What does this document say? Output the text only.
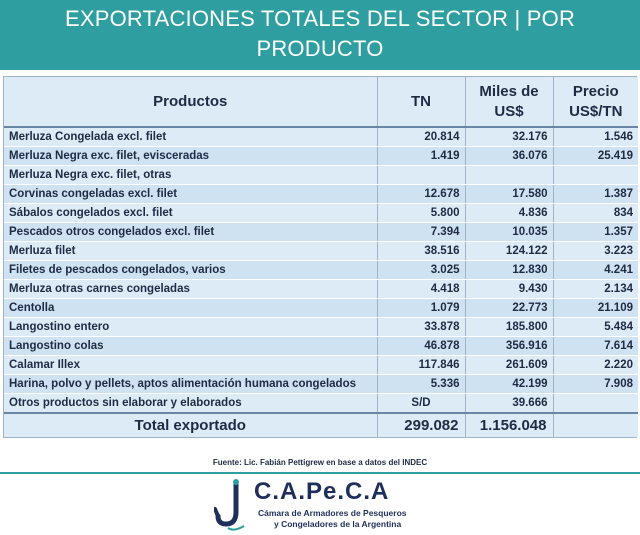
EXPORTACIONES TOTALES DEL SECTOR | POR PRODUCTO
Productos	TN	Miles de US$	Precio US$/TN
Merluza Congelada excl. filet	20.814	32.176	1.546
Merluza Negra exc. filet, evisceradas	1.419	36.076	25.419
Merluza Negra exc. filet, otras			
Corvinas congeladas excl. filet	12.678	17.580	1.387
Sábalos congelados excl. filet	5.800	4.836	834
Pescados otros congelados excl. filet	7.394	10.035	1.357
Merluza filet	38.516	124.122	3.223
Filetes de pescados congelados, varios	3.025	12.830	4.241
Merluza otras carnes congeladas	4.418	9.430	2.134
Centolla	1.079	22.773	21.109
Langostino entero	33.878	185.800	5.484
Langostino colas	46.878	356.916	7.614
Calamar Illex	117.846	261.609	2.220
Harina, polvo y pellets, aptos alimentación humana congelados	5.336	42.199	7.908
Otros productos sin elaborar y elaborados	S/D	39.666	
Total exportado	299.082	1.156.048	
Fuente: Lic. Fabián Pettigrew en base a datos del INDEC
C.A.Pe.C.A
Cámara de Armadores de Pesqueros
y Congeladores de la Argentina
